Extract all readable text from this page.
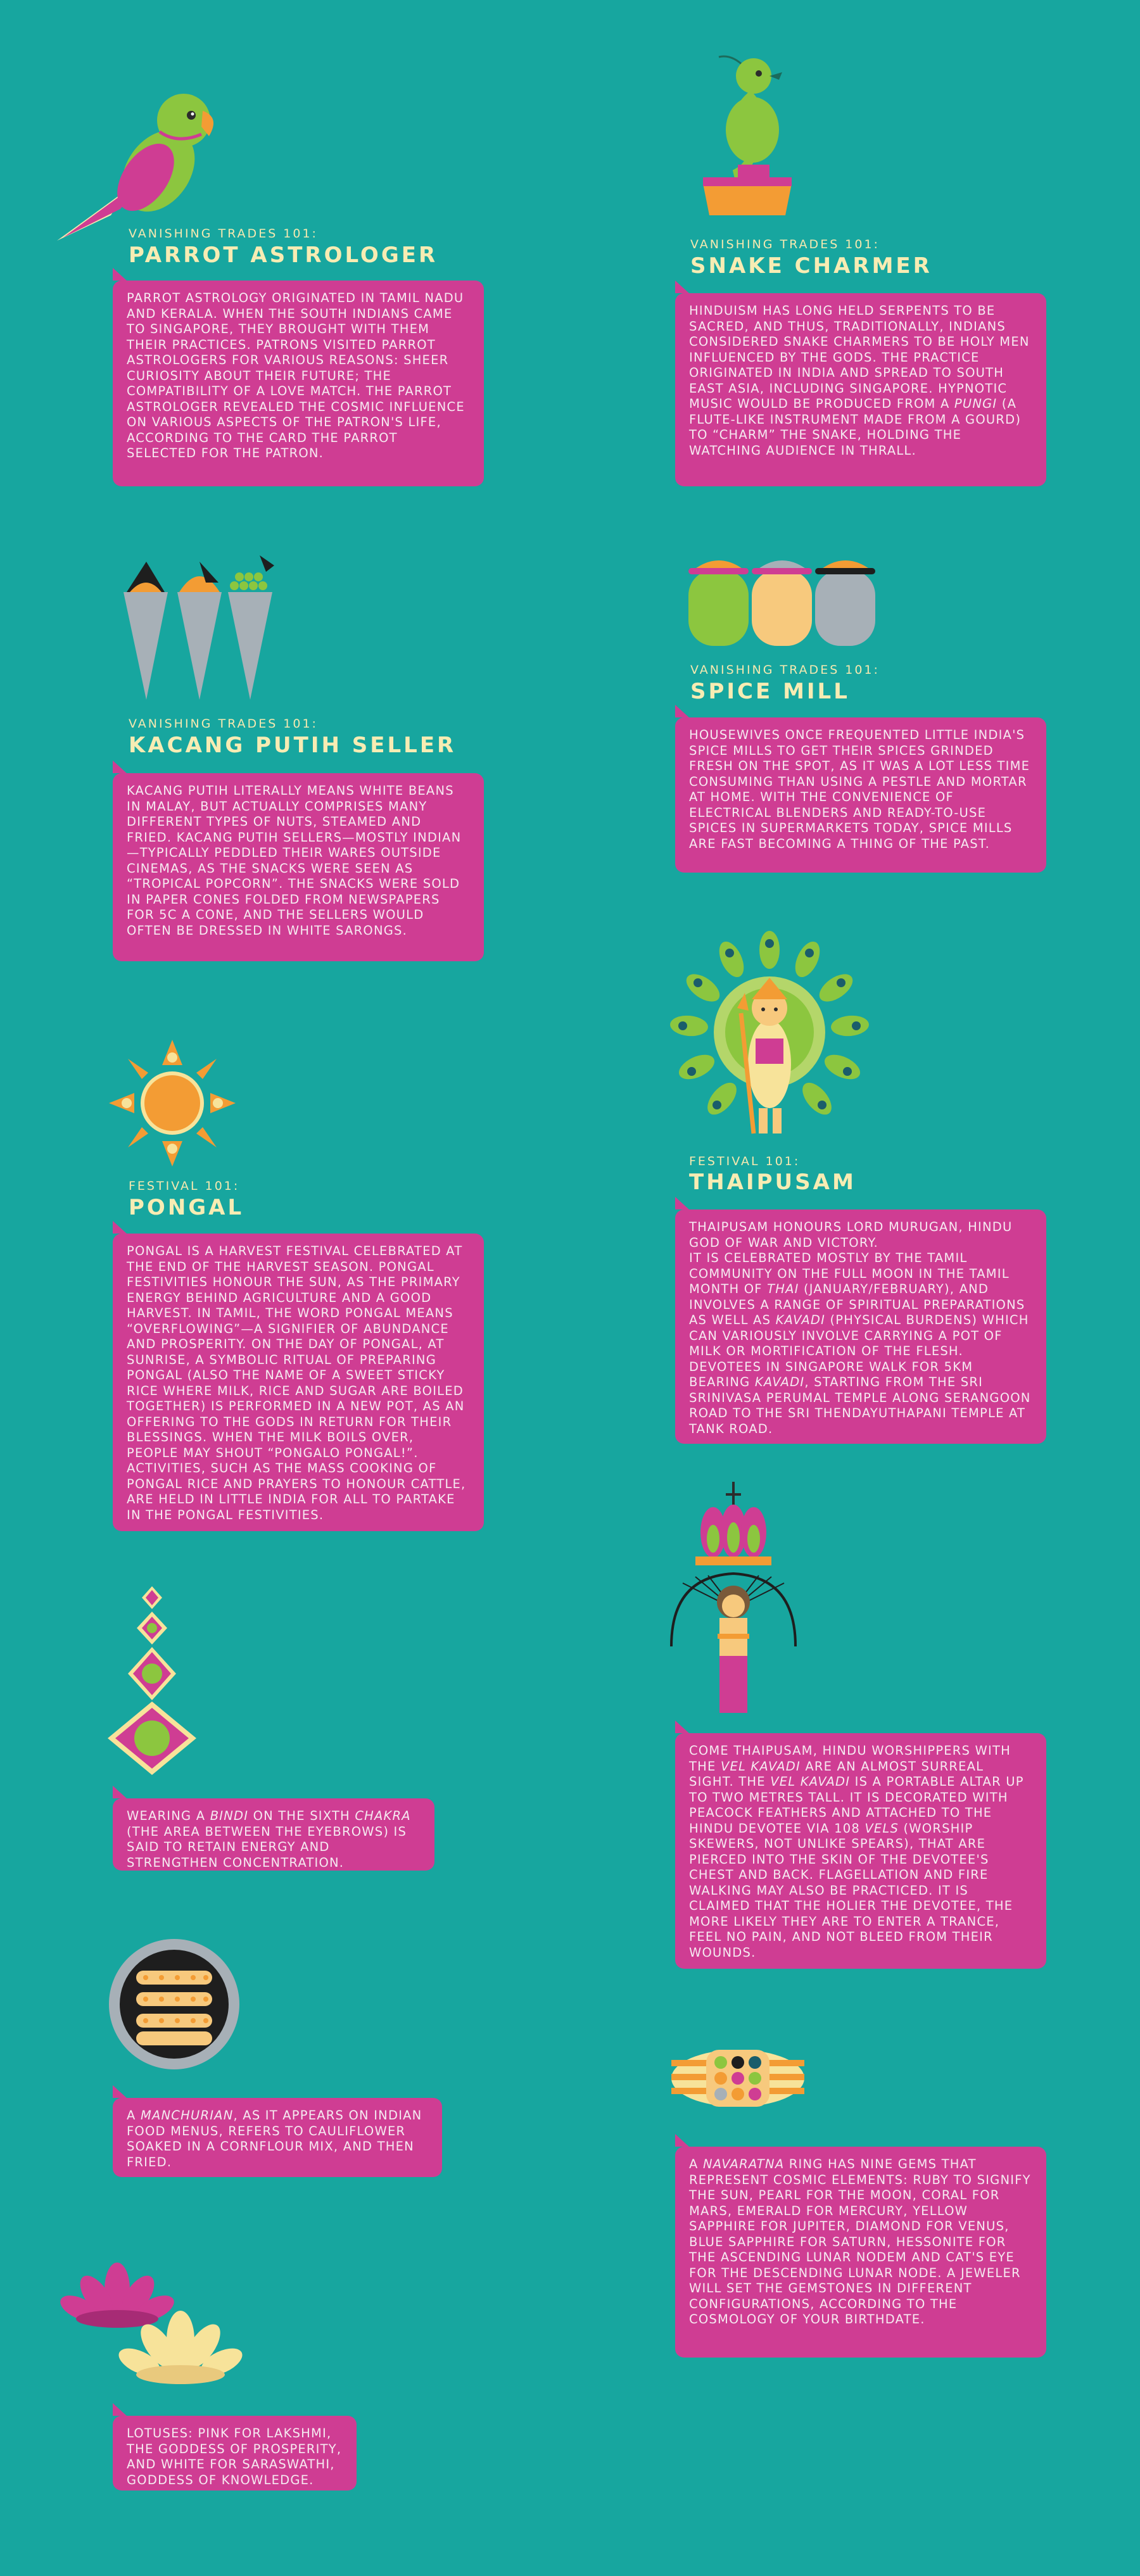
VANISHING TRADES 101:
PARROT ASTROLOGER

PARROT ASTROLOGY ORIGINATED IN TAMIL NADU AND KERALA. WHEN THE SOUTH INDIANS CAME TO SINGAPORE, THEY BROUGHT WITH THEM THEIR PRACTICES. PATRONS VISITED PARROT ASTROLOGERS FOR VARIOUS REASONS: SHEER CURIOSITY ABOUT THEIR FUTURE; THE COMPATIBILITY OF A LOVE MATCH. THE PARROT ASTROLOGER REVEALED THE COSMIC INFLUENCE ON VARIOUS ASPECTS OF THE PATRON'S LIFE, ACCORDING TO THE CARD THE PARROT SELECTED FOR THE PATRON.

VANISHING TRADES 101:
SNAKE CHARMER

HINDUISM HAS LONG HELD SERPENTS TO BE SACRED, AND THUS, TRADITIONALLY, INDIANS CONSIDERED SNAKE CHARMERS TO BE HOLY MEN INFLUENCED BY THE GODS. THE PRACTICE ORIGINATED IN INDIA AND SPREAD TO SOUTH EAST ASIA, INCLUDING SINGAPORE. HYPNOTIC MUSIC WOULD BE PRODUCED FROM A PUNGI (A FLUTE-LIKE INSTRUMENT MADE FROM A GOURD) TO “CHARM” THE SNAKE, HOLDING THE WATCHING AUDIENCE IN THRALL.

VANISHING TRADES 101:
KACANG PUTIH SELLER

KACANG PUTIH LITERALLY MEANS WHITE BEANS IN MALAY, BUT ACTUALLY COMPRISES MANY DIFFERENT TYPES OF NUTS, STEAMED AND FRIED. KACANG PUTIH SELLERS—MOSTLY INDIAN—TYPICALLY PEDDLED THEIR WARES OUTSIDE CINEMAS, AS THE SNACKS WERE SEEN AS “TROPICAL POPCORN”. THE SNACKS WERE SOLD IN PAPER CONES FOLDED FROM NEWSPAPERS FOR 5C A CONE, AND THE SELLERS WOULD OFTEN BE DRESSED IN WHITE SARONGS.

VANISHING TRADES 101:
SPICE MILL

HOUSEWIVES ONCE FREQUENTED LITTLE INDIA'S SPICE MILLS TO GET THEIR SPICES GRINDED FRESH ON THE SPOT, AS IT WAS A LOT LESS TIME CONSUMING THAN USING A PESTLE AND MORTAR AT HOME. WITH THE CONVENIENCE OF ELECTRICAL BLENDERS AND READY-TO-USE SPICES IN SUPERMARKETS TODAY, SPICE MILLS ARE FAST BECOMING A THING OF THE PAST.

FESTIVAL 101:
PONGAL

PONGAL IS A HARVEST FESTIVAL CELEBRATED AT THE END OF THE HARVEST SEASON. PONGAL FESTIVITIES HONOUR THE SUN, AS THE PRIMARY ENERGY BEHIND AGRICULTURE AND A GOOD HARVEST. IN TAMIL, THE WORD PONGAL MEANS “OVERFLOWING”—A SIGNIFIER OF ABUNDANCE AND PROSPERITY. ON THE DAY OF PONGAL, AT SUNRISE, A SYMBOLIC RITUAL OF PREPARING PONGAL (ALSO THE NAME OF A SWEET STICKY RICE WHERE MILK, RICE AND SUGAR ARE BOILED TOGETHER) IS PERFORMED IN A NEW POT, AS AN OFFERING TO THE GODS IN RETURN FOR THEIR BLESSINGS. WHEN THE MILK BOILS OVER, PEOPLE MAY SHOUT “PONGALO PONGAL!”. ACTIVITIES, SUCH AS THE MASS COOKING OF PONGAL RICE AND PRAYERS TO HONOUR CATTLE, ARE HELD IN LITTLE INDIA FOR ALL TO PARTAKE IN THE PONGAL FESTIVITIES.

FESTIVAL 101:
THAIPUSAM

THAIPUSAM HONOURS LORD MURUGAN, HINDU GOD OF WAR AND VICTORY.

IT IS CELEBRATED MOSTLY BY THE TAMIL COMMUNITY ON THE FULL MOON IN THE TAMIL MONTH OF THAI (JANUARY/FEBRUARY), AND INVOLVES A RANGE OF SPIRITUAL PREPARATIONS AS WELL AS KAVADI (PHYSICAL BURDENS) WHICH CAN VARIOUSLY INVOLVE CARRYING A POT OF MILK OR MORTIFICATION OF THE FLESH. DEVOTEES IN SINGAPORE WALK FOR 5KM BEARING KAVADI, STARTING FROM THE SRI SRINIVASA PERUMAL TEMPLE ALONG SERANGOON ROAD TO THE SRI THENDAYUTHAPANI TEMPLE AT TANK ROAD.

WEARING A BINDI ON THE SIXTH CHAKRA (THE AREA BETWEEN THE EYEBROWS) IS SAID TO RETAIN ENERGY AND STRENGTHEN CONCENTRATION.

COME THAIPUSAM, HINDU WORSHIPPERS WITH THE VEL KAVADI ARE AN ALMOST SURREAL SIGHT. THE VEL KAVADI IS A PORTABLE ALTAR UP TO TWO METRES TALL. IT IS DECORATED WITH PEACOCK FEATHERS AND ATTACHED TO THE HINDU DEVOTEE VIA 108 VELS (WORSHIP SKEWERS, NOT UNLIKE SPEARS), THAT ARE PIERCED INTO THE SKIN OF THE DEVOTEE'S CHEST AND BACK. FLAGELLATION AND FIRE WALKING MAY ALSO BE PRACTICED. IT IS CLAIMED THAT THE HOLIER THE DEVOTEE, THE MORE LIKELY THEY ARE TO ENTER A TRANCE, FEEL NO PAIN, AND NOT BLEED FROM THEIR WOUNDS.

A MANCHURIAN, AS IT APPEARS ON INDIAN FOOD MENUS, REFERS TO CAULIFLOWER SOAKED IN A CORNFLOUR MIX, AND THEN FRIED.	A NAVARATNA RING HAS NINE GEMS THAT REPRESENT COSMIC ELEMENTS: RUBY TO SIGNIFY THE SUN, PEARL FOR THE MOON, CORAL FOR MARS, EMERALD FOR MERCURY, YELLOW SAPPHIRE FOR JUPITER, DIAMOND FOR VENUS, BLUE SAPPHIRE FOR SATURN, HESSONITE FOR THE ASCENDING LUNAR NODEM AND CAT'S EYE FOR THE DESCENDING LUNAR NODE. A JEWELER WILL SET THE GEMSTONES IN DIFFERENT CONFIGURATIONS, ACCORDING TO THE COSMOLOGY OF YOUR BIRTHDATE.

LOTUSES: PINK FOR LAKSHMI, THE GODDESS OF PROSPERITY, AND WHITE FOR SARASWATHI, GODDESS OF KNOWLEDGE.
